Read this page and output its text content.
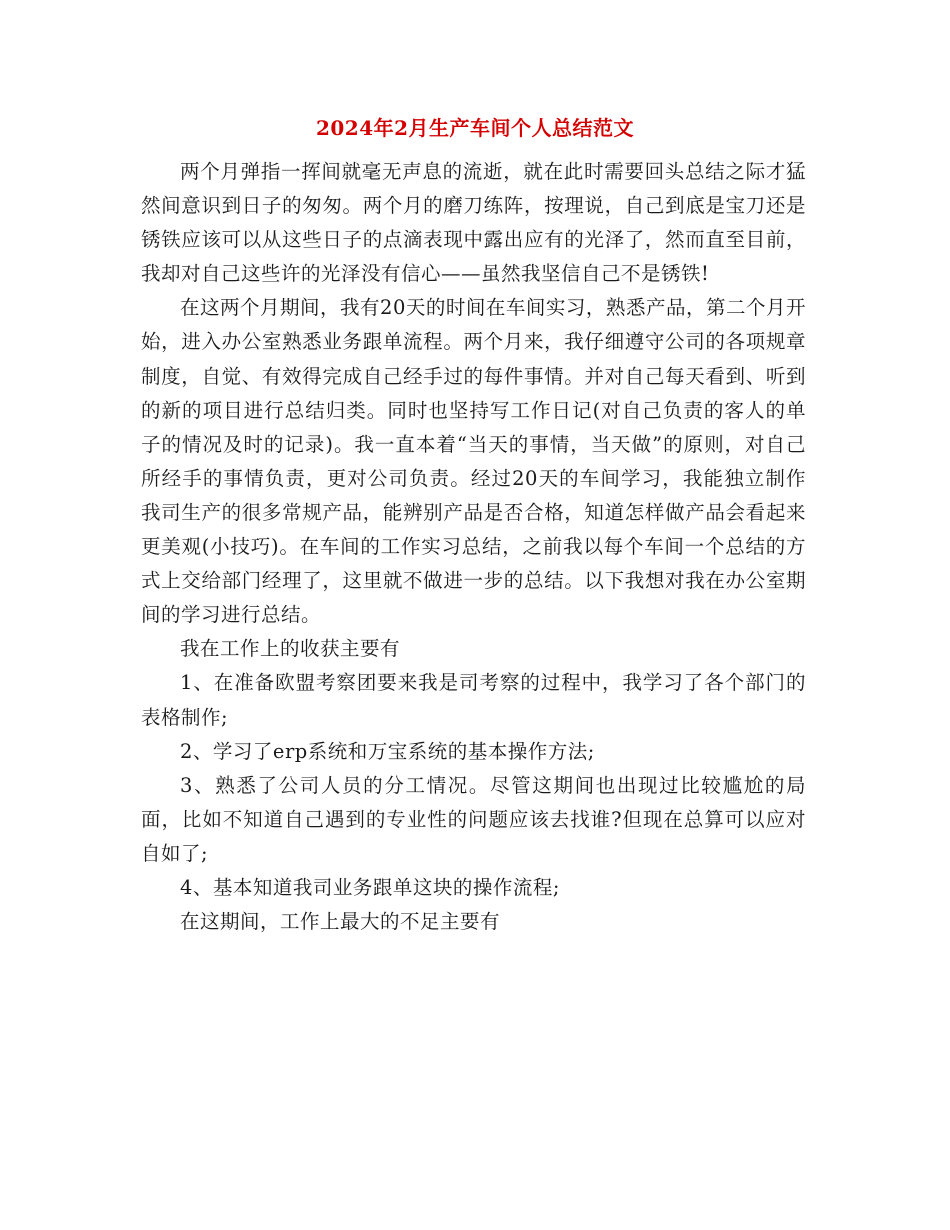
2024年2月生产车间个人总结范文

两个月弹指一挥间就毫无声息的流逝，就在此时需要回头总结之际才猛然间意识到日子的匆匆。两个月的磨刀练阵，按理说，自己到底是宝刀还是锈铁应该可以从这些日子的点滴表现中露出应有的光泽了，然而直至目前，我却对自己这些许的光泽没有信心——虽然我坚信自己不是锈铁!

在这两个月期间，我有20天的时间在车间实习，熟悉产品，第二个月开始，进入办公室熟悉业务跟单流程。两个月来，我仔细遵守公司的各项规章制度，自觉、有效得完成自己经手过的每件事情。并对自己每天看到、听到的新的项目进行总结归类。同时也坚持写工作日记(对自己负责的客人的单子的情况及时的记录)。我一直本着“当天的事情，当天做”的原则，对自己所经手的事情负责，更对公司负责。经过20天的车间学习，我能独立制作我司生产的很多常规产品，能辨别产品是否合格，知道怎样做产品会看起来更美观(小技巧)。在车间的工作实习总结，之前我以每个车间一个总结的方式上交给部门经理了，这里就不做进一步的总结。以下我想对我在办公室期间的学习进行总结。

我在工作上的收获主要有

1、在准备欧盟考察团要来我是司考察的过程中，我学习了各个部门的表格制作;

2、学习了erp系统和万宝系统的基本操作方法;

3、熟悉了公司人员的分工情况。尽管这期间也出现过比较尴尬的局面，比如不知道自己遇到的专业性的问题应该去找谁?但现在总算可以应对自如了;

4、基本知道我司业务跟单这块的操作流程;

在这期间，工作上最大的不足主要有
